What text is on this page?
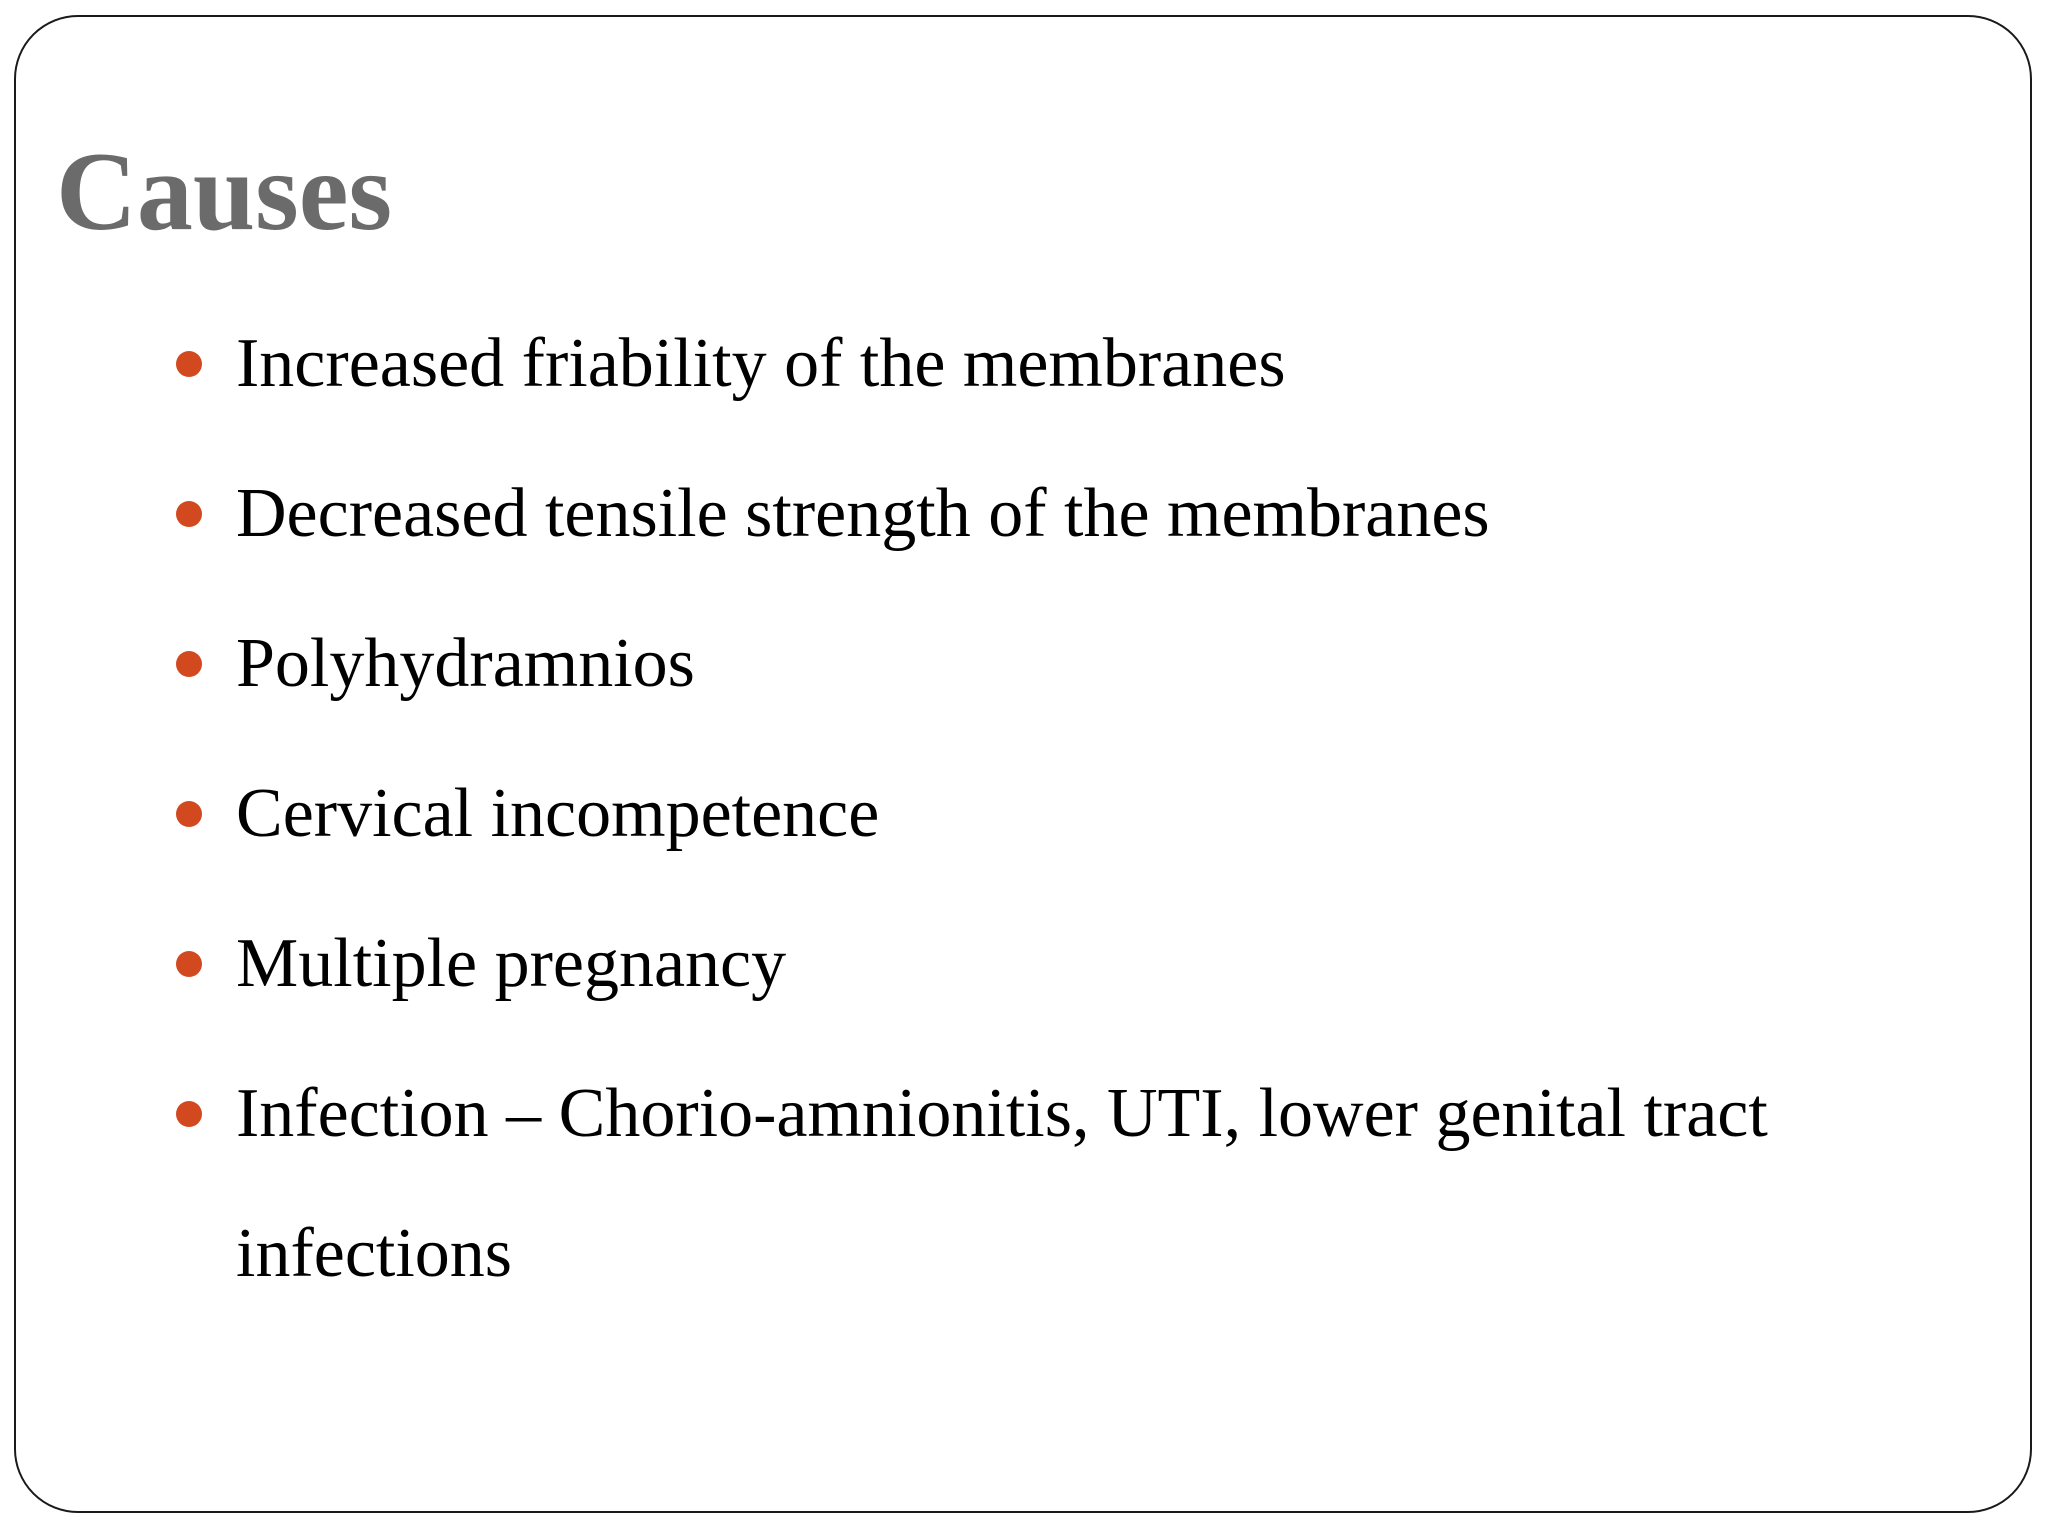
Causes
Increased friability of the membranes
Decreased tensile strength of the membranes
Polyhydramnios
Cervical incompetence
Multiple pregnancy
Infection – Chorio-amnionitis, UTI, lower genital tract infections
